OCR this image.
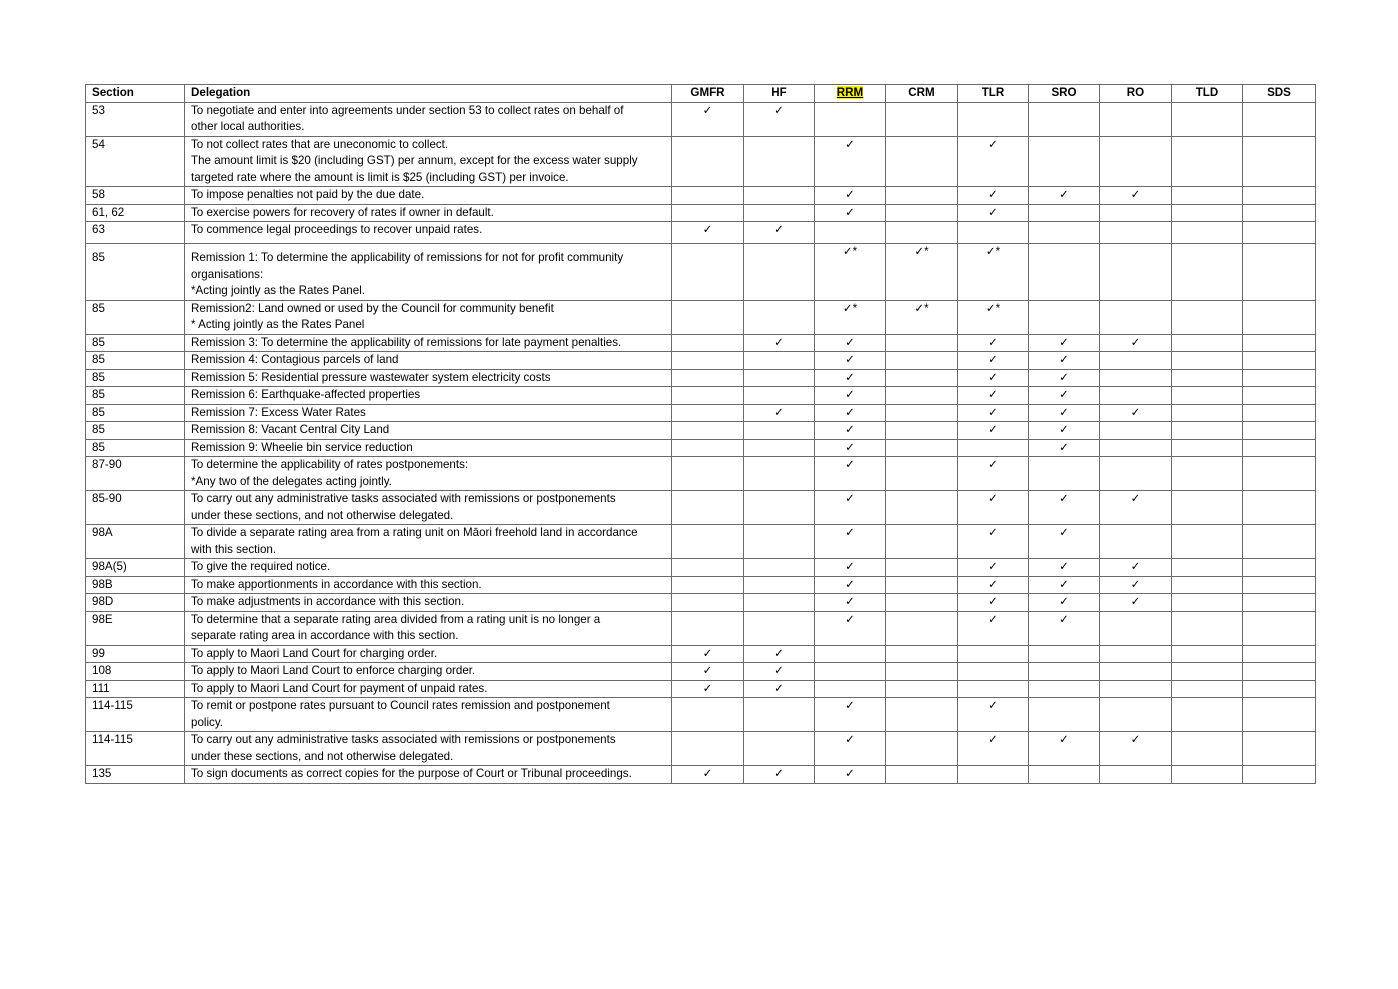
Section	Delegation	GMFR	HF	RRM	CRM	TLR	SRO	RO	TLD	SDS
53	To negotiate and enter into agreements under section 53 to collect rates on behalf of
other local authorities.	✓	✓							
54	To not collect rates that are uneconomic to collect.
The amount limit is $20 (including GST) per annum, except for the excess water supply
targeted rate where the amount is limit is $25 (including GST) per invoice.			✓		✓				
58	To impose penalties not paid by the due date.			✓		✓	✓	✓		
61, 62	To exercise powers for recovery of rates if owner in default.			✓		✓				
63	To commence legal proceedings to recover unpaid rates.	✓	✓							
85	Remission 1: To determine the applicability of remissions for not for profit community
organisations:
*Acting jointly as the Rates Panel.			✓*	✓*	✓*				
85	Remission2: Land owned or used by the Council for community benefit
* Acting jointly as the Rates Panel			✓*	✓*	✓*				
85	Remission 3: To determine the applicability of remissions for late payment penalties.		✓	✓		✓	✓	✓		
85	Remission 4: Contagious parcels of land			✓		✓	✓			
85	Remission 5: Residential pressure wastewater system electricity costs			✓		✓	✓			
85	Remission 6: Earthquake-affected properties			✓		✓	✓			
85	Remission 7: Excess Water Rates		✓	✓		✓	✓	✓		
85	Remission 8: Vacant Central City Land			✓		✓	✓			
85	Remission 9: Wheelie bin service reduction			✓			✓			
87-90	To determine the applicability of rates postponements:
*Any two of the delegates acting jointly.			✓		✓				
85-90	To carry out any administrative tasks associated with remissions or postponements
under these sections, and not otherwise delegated.			✓		✓	✓	✓		
98A	To divide a separate rating area from a rating unit on Māori freehold land in accordance
with this section.			✓		✓	✓			
98A(5)	To give the required notice.			✓		✓	✓	✓		
98B	To make apportionments in accordance with this section.			✓		✓	✓	✓		
98D	To make adjustments in accordance with this section.			✓		✓	✓	✓		
98E	To determine that a separate rating area divided from a rating unit is no longer a
separate rating area in accordance with this section.			✓		✓	✓			
99	To apply to Maori Land Court for charging order.	✓	✓							
108	To apply to Maori Land Court to enforce charging order.	✓	✓							
111	To apply to Maori Land Court for payment of unpaid rates.	✓	✓							
114-115	To remit or postpone rates pursuant to Council rates remission and postponement
policy.			✓		✓				
114-115	To carry out any administrative tasks associated with remissions or postponements
under these sections, and not otherwise delegated.			✓		✓	✓	✓		
135	To sign documents as correct copies for the purpose of Court or Tribunal proceedings.	✓	✓	✓						
